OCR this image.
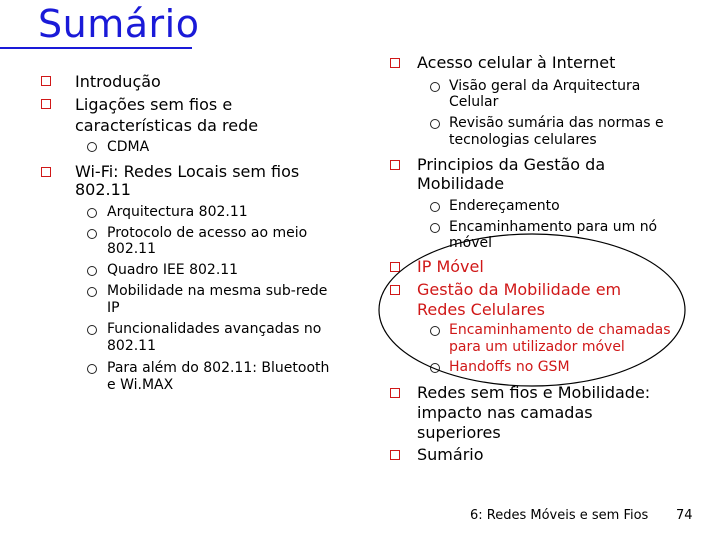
Sumário
Introdução
Ligações sem fios e
características da rede
CDMA
Wi-Fi: Redes Locais sem fios
802.11
Arquitectura 802.11
Protocolo de acesso ao meio
802.11
Quadro IEE 802.11
Mobilidade na mesma sub-rede
IP
Funcionalidades avançadas no
802.11
Para além do 802.11: Bluetooth
e Wi.MAX
Acesso celular à Internet
Visão geral da Arquitectura
Celular
Revisão sumária das normas e
tecnologias celulares
Principios da Gestão da
Mobilidade
Endereçamento
Encaminhamento para um nó
móvel
IP Móvel
Gestão da Mobilidade em
Redes Celulares
Encaminhamento de chamadas
para um utilizador móvel
Handoffs no GSM
Redes sem fios e Mobilidade:
impacto nas camadas
superiores
Sumário
6: Redes Móveis e sem Fios 74
